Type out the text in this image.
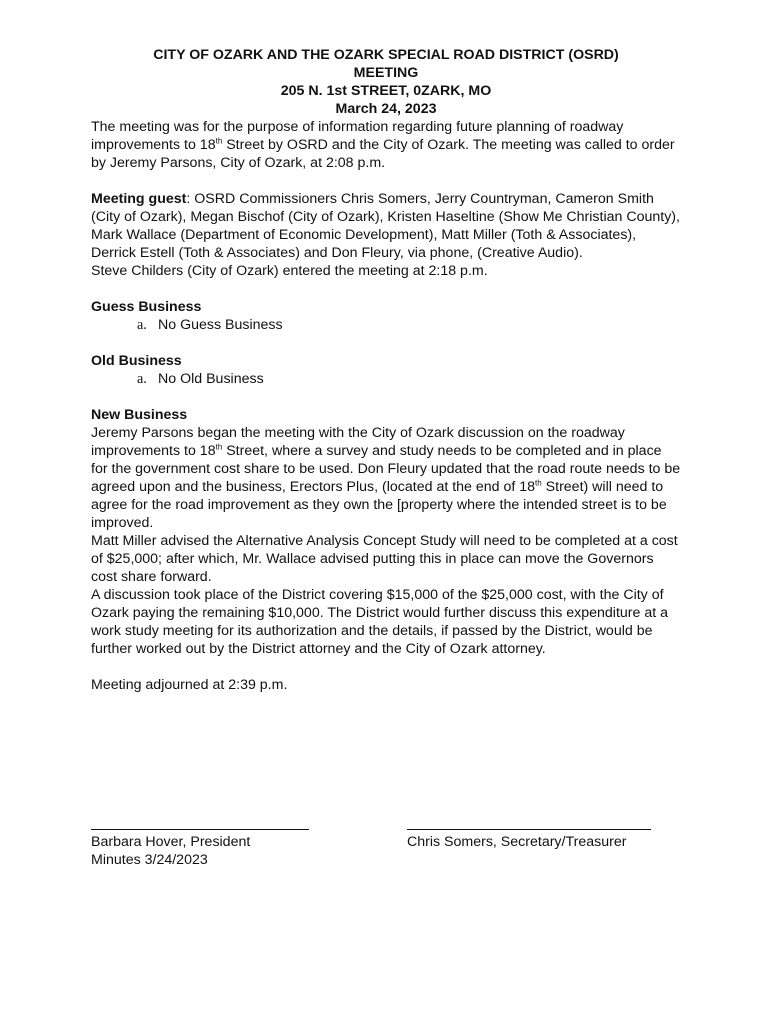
CITY OF OZARK AND THE OZARK SPECIAL ROAD DISTRICT (OSRD)
MEETING
205 N. 1st STREET, 0ZARK, MO
March 24, 2023

The meeting was for the purpose of information regarding future planning of roadway improvements to 18th Street by OSRD and the City of Ozark. The meeting was called to order by Jeremy Parsons, City of Ozark, at 2:08 p.m.

Meeting guest: OSRD Commissioners Chris Somers, Jerry Countryman, Cameron Smith (City of Ozark), Megan Bischof (City of Ozark), Kristen Haseltine (Show Me Christian County), Mark Wallace (Department of Economic Development), Matt Miller (Toth & Associates), Derrick Estell (Toth & Associates) and Don Fleury, via phone, (Creative Audio).

Steve Childers (City of Ozark) entered the meeting at 2:18 p.m.

Guess Business

a. No Guess Business

Old Business

a. No Old Business

New Business

Jeremy Parsons began the meeting with the City of Ozark discussion on the roadway improvements to 18th Street, where a survey and study needs to be completed and in place for the government cost share to be used. Don Fleury updated that the road route needs to be agreed upon and the business, Erectors Plus, (located at the end of 18th Street) will need to agree for the road improvement as they own the [property where the intended street is to be improved.

Matt Miller advised the Alternative Analysis Concept Study will need to be completed at a cost of $25,000; after which, Mr. Wallace advised putting this in place can move the Governors cost share forward.

A discussion took place of the District covering $15,000 of the $25,000 cost, with the City of Ozark paying the remaining $10,000. The District would further discuss this expenditure at a work study meeting for its authorization and the details, if passed by the District, would be further worked out by the District attorney and the City of Ozark attorney.

Meeting adjourned at 2:39 p.m.

Barbara Hover, President
Minutes 3/24/2023
Chris Somers, Secretary/Treasurer
